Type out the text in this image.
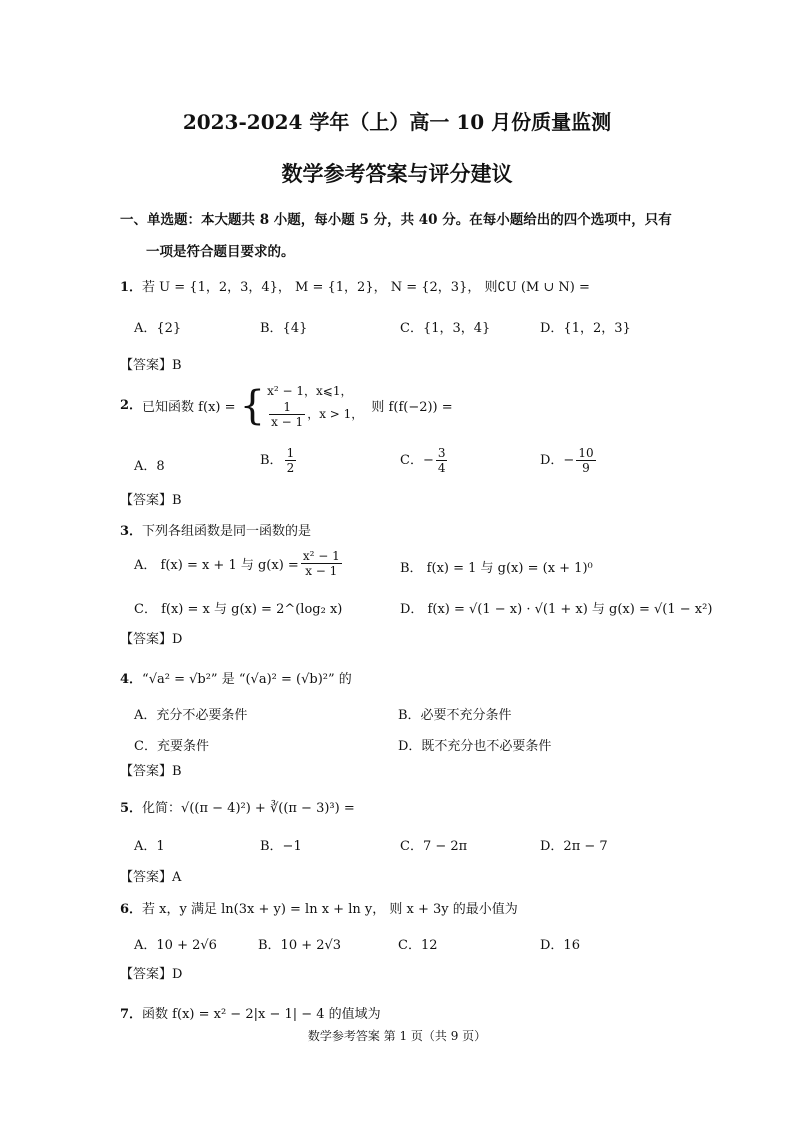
2023-2024 学年（上）高一 10 月份质量监测
数学参考答案与评分建议
一、单选题：本大题共 8 小题，每小题 5 分，共 40 分。在每小题给出的四个选项中，只有
一项是符合题目要求的。
1．若 U = {1，2，3，4}， M = {1，2}， N = {2，3}， 则∁U (M ∪ N) =
A．{2}	B．{4}	C．{1，3，4}	D．{1，2，3}
【答案】B
2．已知函数 f(x) = { x² − 1，x⩽1，
$\frac{1}{x - 1}$ ，x > 1， 则 f(f(−2)) =
A．8	B． $\frac{1}{2}$	C．− $\frac{3}{4}$	D．− $\frac{10}{9}$
【答案】B
3．下列各组函数是同一函数的是
A． f(x) = x + 1 与 $g(x) = \frac{\text{x² − 1}}{x - 1}$	B． f(x) = 1 与 g(x) = (x + 1)⁰
C． f(x) = x 与 g(x) = 2^(log₂ x)	D． f(x) = √(1 − x) · √(1 + x) 与 g(x) = √(1 − x²)
【答案】D
4．“√a² = √b²” 是 “(√a)² = (√b)²” 的
A．充分不必要条件	B．必要不充分条件
C．充要条件	D．既不充分也不必要条件
【答案】B
5．化简：√((π − 4)²) + ∛((π − 3)³) =
A．1	B．−1	C．7 − 2π	D．2π − 7
【答案】A
6．若 x，y 满足 ln(3x + y) = ln x + ln y， 则 x + 3y 的最小值为
A．10 + 2√6	B．10 + 2√3	C．12	D．16
【答案】D
7．函数 f(x) = x² − 2|x − 1| − 4 的值域为
数学参考答案 第 1 页（共 9 页）
